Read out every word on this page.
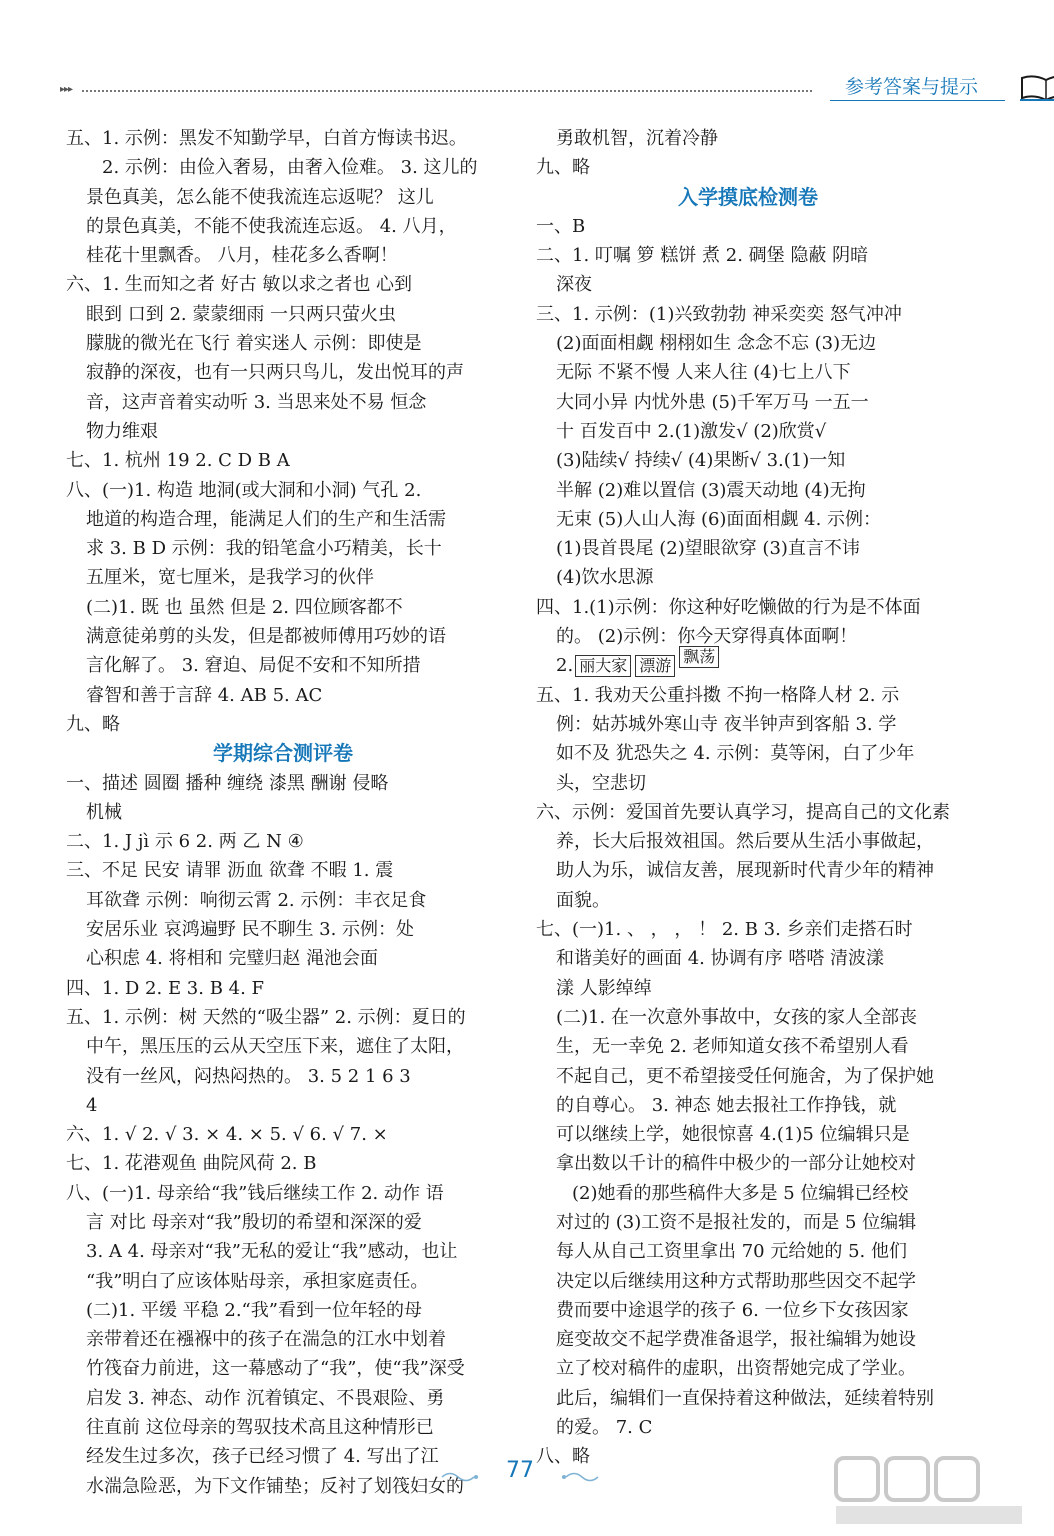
▸▸▸	参考答案与提示
五、1. 示例：黑发不知勤学早，白首方悔读书迟。
2. 示例：由俭入奢易，由奢入俭难。 3. 这儿的
景色真美，怎么能不使我流连忘返呢？ 这儿
的景色真美，不能不使我流连忘返。 4. 八月，
桂花十里飘香。 八月，桂花多么香啊！
六、1. 生而知之者 好古 敏以求之者也 心到
眼到 口到 2. 蒙蒙细雨 一只两只萤火虫
朦胧的微光在飞行 着实迷人 示例：即使是
寂静的深夜，也有一只两只鸟儿，发出悦耳的声
音，这声音着实动听 3. 当思来处不易 恒念
物力维艰
七、1. 杭州 19 2. C D B A
八、(一)1. 构造 地洞(或大洞和小洞) 气孔 2.
地道的构造合理，能满足人们的生产和生活需
求 3. B D 示例：我的铅笔盒小巧精美，长十
五厘米，宽七厘米，是我学习的伙伴
(二)1. 既 也 虽然 但是 2. 四位顾客都不
满意徒弟剪的头发，但是都被师傅用巧妙的语
言化解了。 3. 窘迫、局促不安和不知所措
睿智和善于言辞 4. AB 5. AC
九、略
学期综合测评卷
一、描述 圆圈 播种 缠绕 漆黑 酬谢 侵略
机械
二、1. J jì 示 6 2. 两 乙 N ④
三、不足 民安 请罪 沥血 欲聋 不暇 1. 震
耳欲聋 示例：响彻云霄 2. 示例：丰衣足食
安居乐业 哀鸿遍野 民不聊生 3. 示例：处
心积虑 4. 将相和 完璧归赵 渑池会面
四、1. D 2. E 3. B 4. F
五、1. 示例：树 天然的“吸尘器” 2. 示例：夏日的
中午，黑压压的云从天空压下来，遮住了太阳，
没有一丝风，闷热闷热的。 3. 5 2 1 6 3
4
六、1. √ 2. √ 3. × 4. × 5. √ 6. √ 7. ×
七、1. 花港观鱼 曲院风荷 2. B
八、(一)1. 母亲给“我”钱后继续工作 2. 动作 语
言 对比 母亲对“我”殷切的希望和深深的爱
3. A 4. 母亲对“我”无私的爱让“我”感动，也让
“我”明白了应该体贴母亲，承担家庭责任。
(二)1. 平缓 平稳 2.“我”看到一位年轻的母
亲带着还在襁褓中的孩子在湍急的江水中划着
竹筏奋力前进，这一幕感动了“我”，使“我”深受
启发 3. 神态、动作 沉着镇定、不畏艰险、勇
往直前 这位母亲的驾驭技术高且这种情形已
经发生过多次，孩子已经习惯了 4. 写出了江
水湍急险恶，为下文作铺垫；反衬了划筏妇女的
勇敢机智，沉着冷静
九、略
入学摸底检测卷
一、B
二、1. 叮嘱 箩 糕饼 煮 2. 碉堡 隐蔽 阴暗
深夜
三、1. 示例：(1)兴致勃勃 神采奕奕 怒气冲冲
(2)面面相觑 栩栩如生 念念不忘 (3)无边
无际 不紧不慢 人来人往 (4)七上八下
大同小异 内忧外患 (5)千军万马 一五一
十 百发百中 2.(1)激发√ (2)欣赏√
(3)陆续√ 持续√ (4)果断√ 3.(1)一知
半解 (2)难以置信 (3)震天动地 (4)无拘
无束 (5)人山人海 (6)面面相觑 4. 示例：
(1)畏首畏尾 (2)望眼欲穿 (3)直言不讳
(4)饮水思源
四、1.(1)示例：你这种好吃懒做的行为是不体面
的。 (2)示例：你今天穿得真体面啊！
2. 丽大家 漂游 飘荡
五、1. 我劝天公重抖擞 不拘一格降人材 2. 示
例：姑苏城外寒山寺 夜半钟声到客船 3. 学
如不及 犹恐失之 4. 示例：莫等闲，白了少年
头，空悲切
六、示例：爱国首先要认真学习，提高自己的文化素
养，长大后报效祖国。然后要从生活小事做起，
助人为乐，诚信友善，展现新时代青少年的精神
面貌。
七、(一)1. 、 ， ， ！ 2. B 3. 乡亲们走搭石时
和谐美好的画面 4. 协调有序 嗒嗒 清波漾
漾 人影绰绰
(二)1. 在一次意外事故中，女孩的家人全部丧
生，无一幸免 2. 老师知道女孩不希望别人看
不起自己，更不希望接受任何施舍，为了保护她
的自尊心。 3. 神态 她去报社工作挣钱，就
可以继续上学，她很惊喜 4.(1)5 位编辑只是
拿出数以千计的稿件中极少的一部分让她校对
(2)她看的那些稿件大多是 5 位编辑已经校
对过的 (3)工资不是报社发的，而是 5 位编辑
每人从自己工资里拿出 70 元给她的 5. 他们
决定以后继续用这种方式帮助那些因交不起学
费而要中途退学的孩子 6. 一位乡下女孩因家
庭变故交不起学费准备退学，报社编辑为她设
立了校对稿件的虚职，出资帮她完成了学业。
此后，编辑们一直保持着这种做法，延续着特别
的爱。 7. C
八、略
77
